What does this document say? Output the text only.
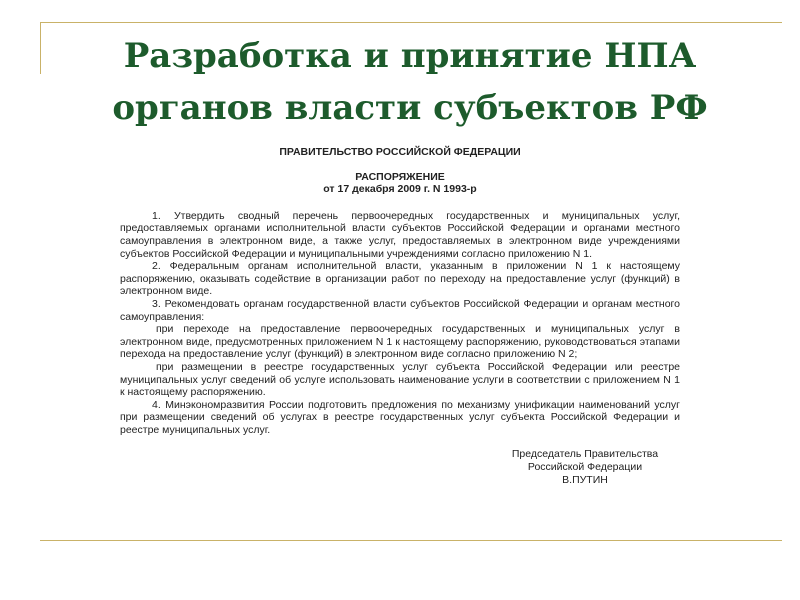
Разработка и принятие НПА
органов власти субъектов РФ

ПРАВИТЕЛЬСТВО РОССИЙСКОЙ ФЕДЕРАЦИИ

РАСПОРЯЖЕНИЕ

от 17 декабря 2009 г. N 1993-р

1. Утвердить сводный перечень первоочередных государственных и муниципальных услуг, предоставляемых органами исполнительной власти субъектов Российской Федерации и органами местного самоуправления в электронном виде, а также услуг, предоставляемых в электронном виде учреждениями субъектов Российской Федерации и муниципальными учреждениями согласно приложению N 1.

2. Федеральным органам исполнительной власти, указанным в приложении N 1 к настоящему распоряжению, оказывать содействие в организации работ по переходу на предоставление услуг (функций) в электронном виде.

3. Рекомендовать органам государственной власти субъектов Российской Федерации и органам местного самоуправления:

при переходе на предоставление первоочередных государственных и муниципальных услуг в электронном виде, предусмотренных приложением N 1 к настоящему распоряжению, руководствоваться этапами перехода на предоставление услуг (функций) в электронном виде согласно приложению N 2;

при размещении в реестре государственных услуг субъекта Российской Федерации или реестре муниципальных услуг сведений об услуге использовать наименование услуги в соответствии с приложением N 1 к настоящему распоряжению.

4. Минэкономразвития России подготовить предложения по механизму унификации наименований услуг при размещении сведений об услугах в реестре государственных услуг субъекта Российской Федерации и реестре муниципальных услуг.

Председатель Правительства
Российской Федерации
В.ПУТИН
